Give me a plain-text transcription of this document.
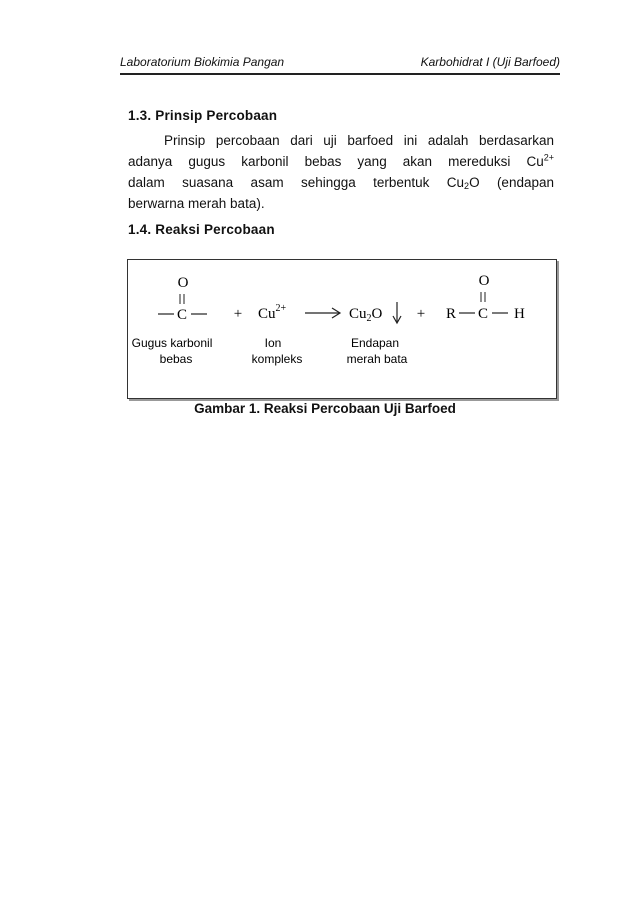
Laboratorium Biokimia Pangan	Karbohidrat I (Uji Barfoed)
1.3. Prinsip Percobaan
Prinsip percobaan dari uji barfoed ini adalah berdasarkan
adanya gugus karbonil bebas yang akan mereduksi $Cu^{2+}$
dalam suasana asam sehingga terbentuk $Cu_2O$ (endapan
berwarna merah bata).
1.4. Reaksi Percobaan
O
C	+ $Cu^{2+}$	$Cu_2O$ +
O
R C H
Gugus karbonil
bebas
Ion
kompleks
Endapan
merah bata
Gambar 1. Reaksi Percobaan Uji Barfoed
